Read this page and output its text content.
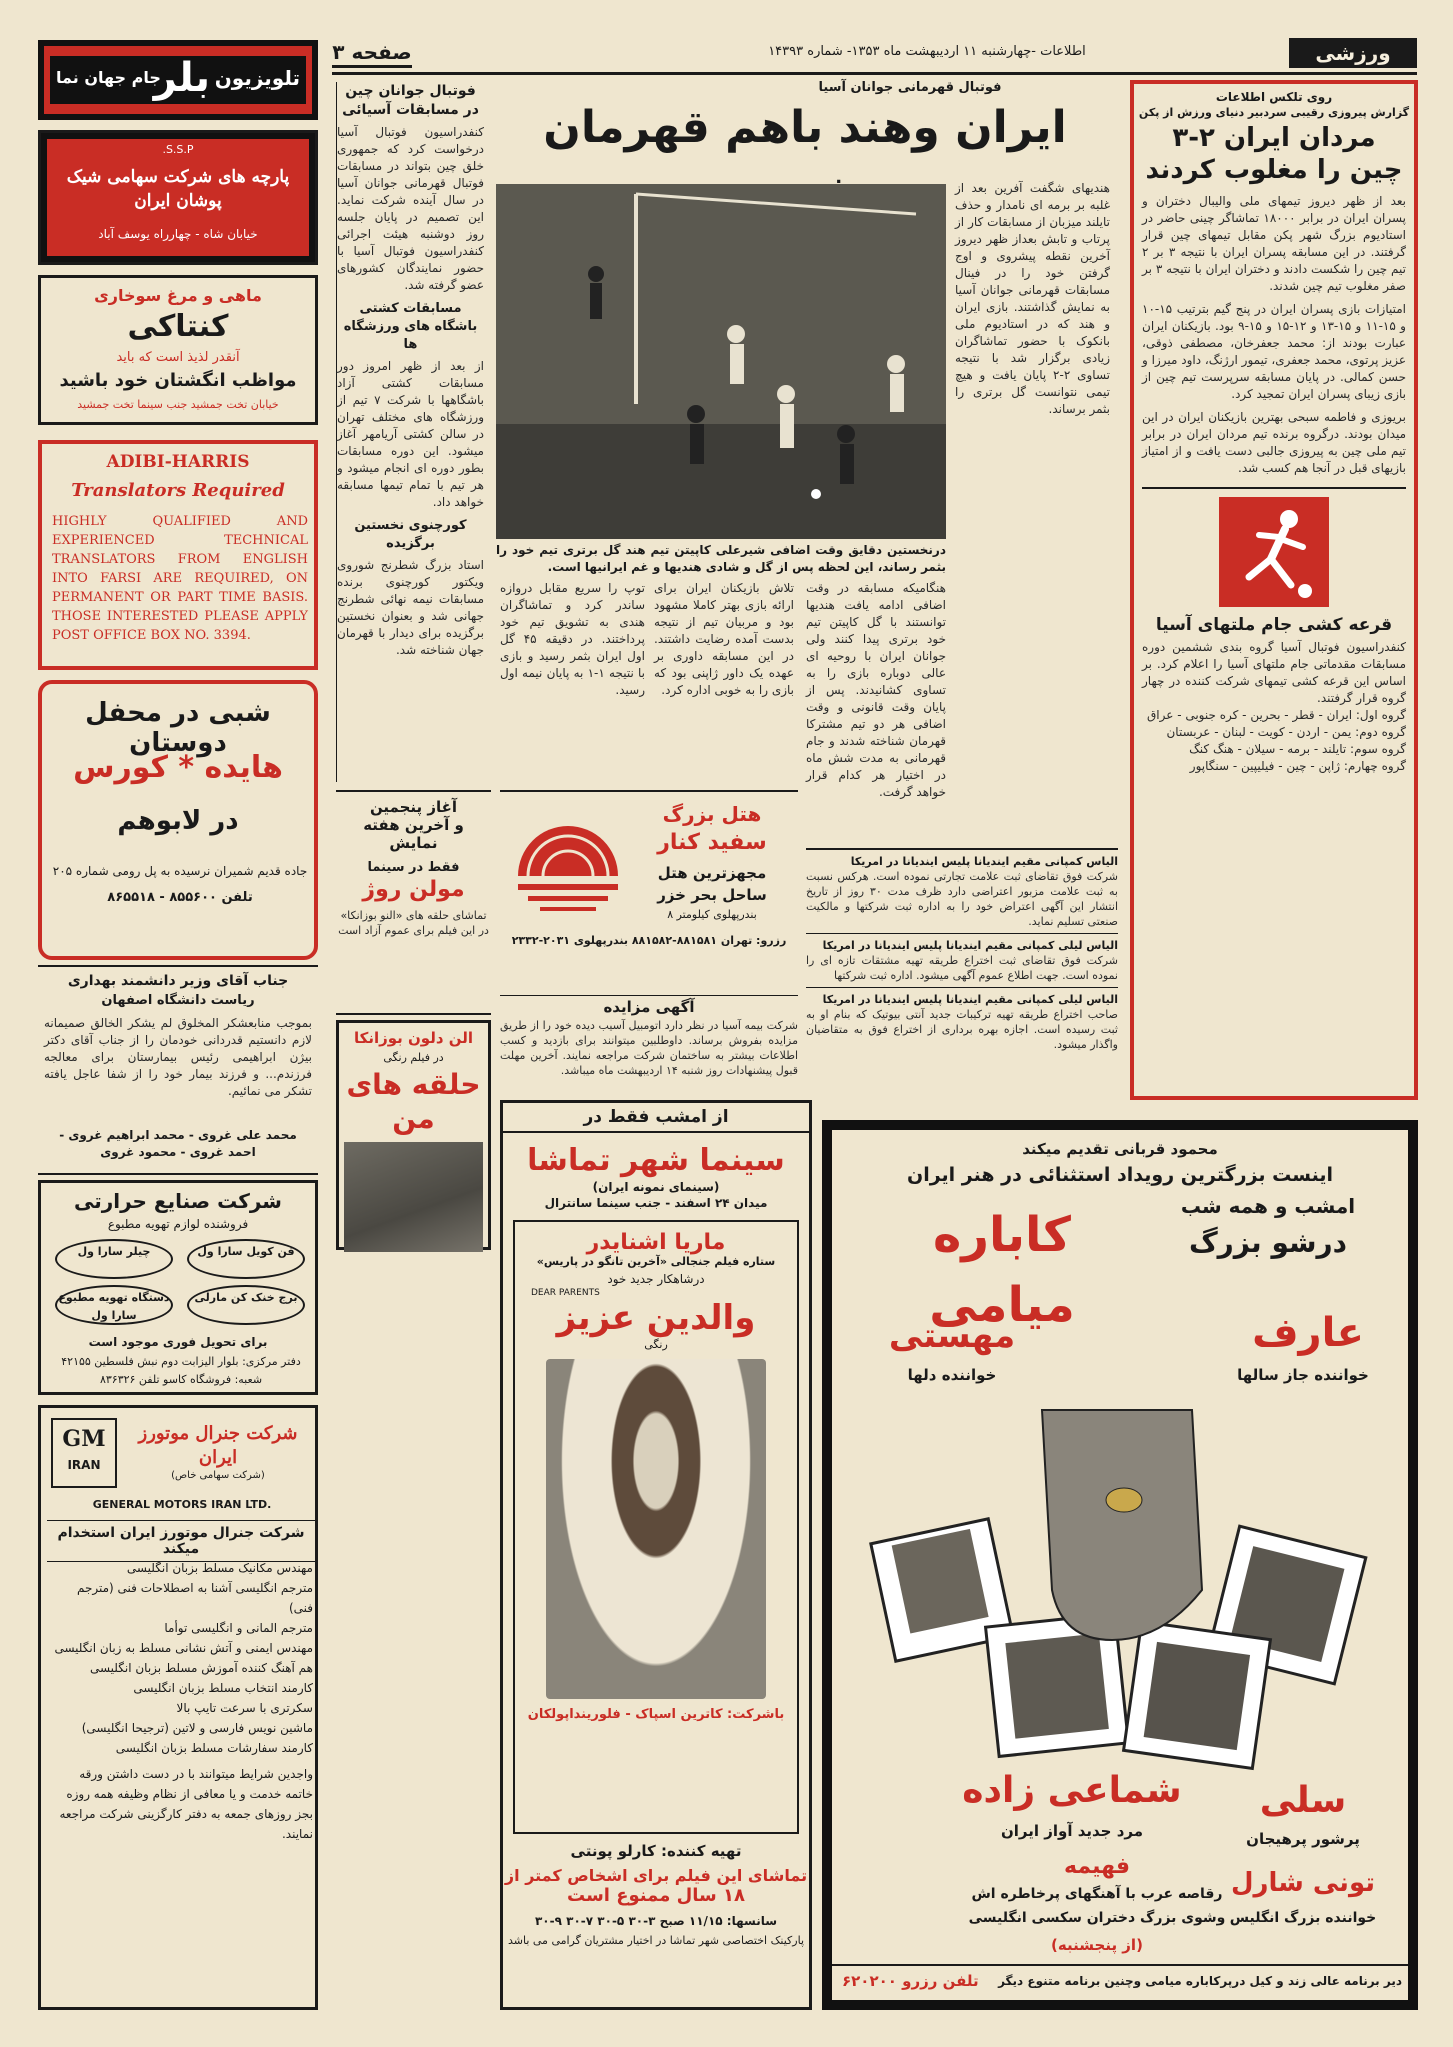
ورزشی
اطلاعات -چهارشنبه ۱۱ اردیبهشت ماه ۱۳۵۳- شماره ۱۴۳۹۳
صفحه ۳
تلویزیون
بلر
جام جهان نما
S.S.P.
پارچه های شرکت سهامی شیک پوشان ایران
خیابان شاه - چهارراه یوسف آباد
ماهی و مرغ سوخاری
کنتاکی
آنقدر لذیذ است که باید
مواظب انگشتان خود باشید
خیابان تخت جمشید جنب سینما تخت جمشید
ADIBI-HARRIS
Translators Required
HIGHLY QUALIFIED AND EXPERIENCED TECHNICAL TRANSLATORS FROM ENGLISH INTO FARSI ARE REQUIRED, ON PERMANENT OR PART TIME BASIS. THOSE INTERESTED PLEASE APPLY POST OFFICE BOX NO. 3394.
شبی در محفل دوستان
هایده * کورس
در لابوهم
جاده قدیم شمیران نرسیده به پل رومی شماره ۲۰۵
تلفن ۸۵۵۶۰۰ - ۸۶۵۵۱۸
جناب آقای وزیر دانشمند بهداری
ریاست دانشگاه اصفهان
بموجب منابعشکر المخلوق لم یشکر الخالق صمیمانه لازم دانستیم قدردانی خودمان را از جناب آقای دکتر بیژن ابراهیمی رئیس بیمارستان برای معالجه فرزندم... و فرزند بیمار خود را از شفا عاجل یافته تشکر می نمائیم.
محمد علی غروی - محمد ابراهیم غروی - احمد غروی - محمود غروی
شرکت صنایع حرارتی
فروشنده لوازم تهویه مطبوع
فن کویل سارا ول
چیلر سارا ول
برج خنک کن مارلی
دستگاه تهویه مطبوع سارا ول
برای تحویل فوری موجود است
دفتر مرکزی: بلوار الیزابت دوم نبش فلسطین ۴۲۱۵۵
شعبه: فروشگاه کاسو تلفن ۸۳۶۳۲۶
GM
IRAN
شرکت جنرال موتورز ایران
(شرکت سهامی خاص)
GENERAL MOTORS IRAN LTD.
شرکت جنرال موتورز ایران استخدام میکند
مهندس مکانیک مسلط بزبان انگلیسی
مترجم انگلیسی آشنا به اصطلاحات فنی (مترجم فنی)
مترجم المانی و انگلیسی توأما
مهندس ایمنی و آتش نشانی مسلط به زبان انگلیسی
هم آهنگ کننده آموزش مسلط بزبان انگلیسی
کارمند انتخاب مسلط بزبان انگلیسی
سکرتری با سرعت تایپ بالا
ماشین نویس فارسی و لاتین (ترجیحا انگلیسی)
کارمند سفارشات مسلط بزبان انگلیسی
واجدین شرایط میتوانند با در دست داشتن ورقه خاتمه خدمت و یا معافی از نظام وظیفه همه روزه بجز روزهای جمعه به دفتر کارگزینی شرکت مراجعه نمایند.
فوتبال قهرمانی جوانان آسیا
ایران وهند باهم قهرمان
درنخستین دقایق وقت اضافی شیرعلی کاپیتن تیم هند گل برتری تیم خود را بثمر رساند، این لحظه پس از گل و شادی هندیها و غم ایرانیها است.
هندیهای شگفت آفرین بعد از غلبه بر برمه ای نامدار و حذف تایلند میزبان از مسابقات کار از پرتاب و تابش بعداز ظهر دیروز آخرین نقطه پیشروی و اوج گرفتن خود را در فینال مسابقات قهرمانی جوانان آسیا به نمایش گذاشتند. بازی ایران و هند که در استادیوم ملی بانکوک با حضور تماشاگران زیادی برگزار شد با نتیجه تساوی ۲-۲ پایان یافت و هیچ تیمی نتوانست گل برتری را بثمر برساند.
هنگامیکه مسابقه در وقت اضافی ادامه یافت هندیها توانستند با گل کاپیتن تیم خود برتری پیدا کنند ولی جوانان ایران با روحیه ای عالی دوباره بازی را به تساوی کشانیدند. پس از پایان وقت قانونی و وقت اضافی هر دو تیم مشترکا قهرمان شناخته شدند و جام قهرمانی به مدت شش ماه در اختیار هر کدام قرار خواهد گرفت.
تلاش بازیکنان ایران برای ارائه بازی بهتر کاملا مشهود بود و مربیان تیم از نتیجه بدست آمده رضایت داشتند. در این مسابقه داوری بر عهده یک داور ژاپنی بود که بازی را به خوبی اداره کرد.
توپ را سریع مقابل دروازه ساندر کرد و تماشاگران هندی به تشویق تیم خود پرداختند. در دقیقه ۴۵ گل اول ایران بثمر رسید و بازی با نتیجه ۱-۱ به پایان نیمه اول رسید.
فوتبال جوانان چین در مسابقات آسیائی
کنفدراسیون فوتبال آسیا درخواست کرد که جمهوری خلق چین بتواند در مسابقات فوتبال قهرمانی جوانان آسیا در سال آینده شرکت نماید. این تصمیم در پایان جلسه روز دوشنبه هیئت اجرائی کنفدراسیون فوتبال آسیا با حضور نمایندگان کشورهای عضو گرفته شد.
مسابقات کشتی باشگاه های ورزشگاه ها
از بعد از ظهر امروز دور مسابقات کشتی آزاد باشگاهها با شرکت ۷ تیم از ورزشگاه های مختلف تهران در سالن کشتی آریامهر آغاز میشود. این دوره مسابقات بطور دوره ای انجام میشود و هر تیم با تمام تیمها مسابقه خواهد داد.
کورچنوی نخستین برگزیده
استاد بزرگ شطرنج شوروی ویکتور کورچنوی برنده مسابقات نیمه نهائی شطرنج جهانی شد و بعنوان نخستین برگزیده برای دیدار با قهرمان جهان شناخته شد.
روی تلکس اطلاعات
گزارش پیروزی رقیبی سردبیر دنیای ورزش از پکن
مردان ایران ۲-۳
چین را مغلوب کردند
بعد از ظهر دیروز تیمهای ملی والیبال دختران و پسران ایران در برابر ۱۸۰۰۰ تماشاگر چینی حاضر در استادیوم بزرگ شهر پکن مقابل تیمهای چین قرار گرفتند. در این مسابقه پسران ایران با نتیجه ۳ بر ۲ تیم چین را شکست دادند و دختران ایران با نتیجه ۳ بر صفر مغلوب تیم چین شدند.
امتیازات بازی پسران ایران در پنج گیم بترتیب ۱۵-۱۰ و ۱۵-۱۱ و ۱۵-۱۳ و ۱۲-۱۵ و ۱۵-۹ بود. بازیکنان ایران عبارت بودند از: محمد جعفرخان، مصطفی ذوقی، عزیز پرتوی، محمد جعفری، تیمور ارژنگ، داود میرزا و حسن کمالی. در پایان مسابقه سرپرست تیم چین از بازی زیبای پسران ایران تمجید کرد.
بریوزی و فاطمه سبحی بهترین بازیکنان ایران در این میدان بودند. درگروه برنده تیم مردان ایران در برابر تیم ملی چین به پیروزی جالبی دست یافت و از امتیاز بازیهای قبل در آنجا هم کسب شد.
قرعه کشی جام ملتهای آسیا
کنفدراسیون فوتبال آسیا گروه بندی ششمین دوره مسابقات مقدماتی جام ملتهای آسیا را اعلام کرد. بر اساس این قرعه کشی تیمهای شرکت کننده در چهار گروه قرار گرفتند.
گروه اول: ایران - قطر - بحرین - کره جنوبی - عراق
گروه دوم: یمن - اردن - کویت - لبنان - عربستان
گروه سوم: تایلند - برمه - سیلان - هنگ کنگ
گروه چهارم: ژاپن - چین - فیلیپین - سنگاپور
الیاس کمپانی مقیم ایندیانا پلیس ایندیانا در امریکا
شرکت فوق تقاضای ثبت علامت تجارتی نموده است. هرکس نسبت به ثبت علامت مزبور اعتراضی دارد ظرف مدت ۳۰ روز از تاریخ انتشار این آگهی اعتراض خود را به اداره ثبت شرکتها و مالکیت صنعتی تسلیم نماید.
الیاس لیلی کمپانی مقیم ایندیانا پلیس ایندیانا در امریکا
شرکت فوق تقاضای ثبت اختراع طریقه تهیه مشتقات تازه ای را نموده است. جهت اطلاع عموم آگهی میشود. اداره ثبت شرکتها
الیاس لیلی کمپانی مقیم ایندیانا پلیس ایندیانا در امریکا
صاحب اختراع طریقه تهیه ترکیبات جدید آنتی بیوتیک که بنام او به ثبت رسیده است. اجازه بهره برداری از اختراع فوق به متقاضیان واگذار میشود.
هتل بزرگ
سفید کنار
مجهزترین هتل
ساحل بحر خزر
بندرپهلوی کیلومتر ۸
رزرو: تهران ۸۸۱۵۸۱-۸۸۱۵۸۲ بندرپهلوی ۲۰۳۱-۲۳۳۲
آگهی مزایده
شرکت بیمه آسیا در نظر دارد اتومبیل آسیب دیده خود را از طریق مزایده بفروش برساند. داوطلبین میتوانند برای بازدید و کسب اطلاعات بیشتر به ساختمان شرکت مراجعه نمایند. آخرین مهلت قبول پیشنهادات روز شنبه ۱۴ اردیبهشت ماه میباشد.
آغاز پنجمین
و آخرین هفته
نمایش
فقط در سینما
مولن روژ
تماشای حلقه های «النو بوزانکا» در این فیلم برای عموم آزاد است
الن دلون بوزانکا
در فیلم رنگی
حلقه های من	از امشب فقط در
سینما شهر تماشا
(سینمای نمونه ایران)
میدان ۲۴ اسفند - جنب سینما سانترال
ماریا اشنایدر
ستاره فیلم جنجالی «آخرین تانگو در پاریس»
درشاهکار جدید خود
DEAR PARENTS
والدین عزیز
رنگی
باشرکت: کاترین اسپاک - فلورینداپولکان
تهیه کننده: کارلو پونتی
تماشای این فیلم برای اشخاص کمتر از
۱۸ سال ممنوع است
سانسها: ۱۱/۱۵ صبح ۳-۳۰ ۵-۳۰ ۷-۳۰ ۹-۳۰
پارکینک اختصاصی شهر تماشا در اختیار مشتریان گرامی می باشد
محمود قربانی تقدیم میکند
اینست بزرگترین رویداد استثنائی در هنر ایران
امشب و همه شب
درشو بزرگ
کاباره میامی	عارف
خواننده جاز سالها
مهستی
خواننده دلها
شماعی زاده
مرد جدید آواز ایران
سلی
پرشور پرهیجان
فهیمه
رقاصه عرب با آهنگهای پرخاطره اش
وشوی بزرگ دختران سکسی انگلیسی
(از پنجشنبه)
تونی شارل
خواننده بزرگ انگلیس
دیر برنامه عالی زند و کیل درپرکاباره میامی وچنین برنامه متنوع دیگر
تلفن رزرو ۶۲۰۲۰۰
